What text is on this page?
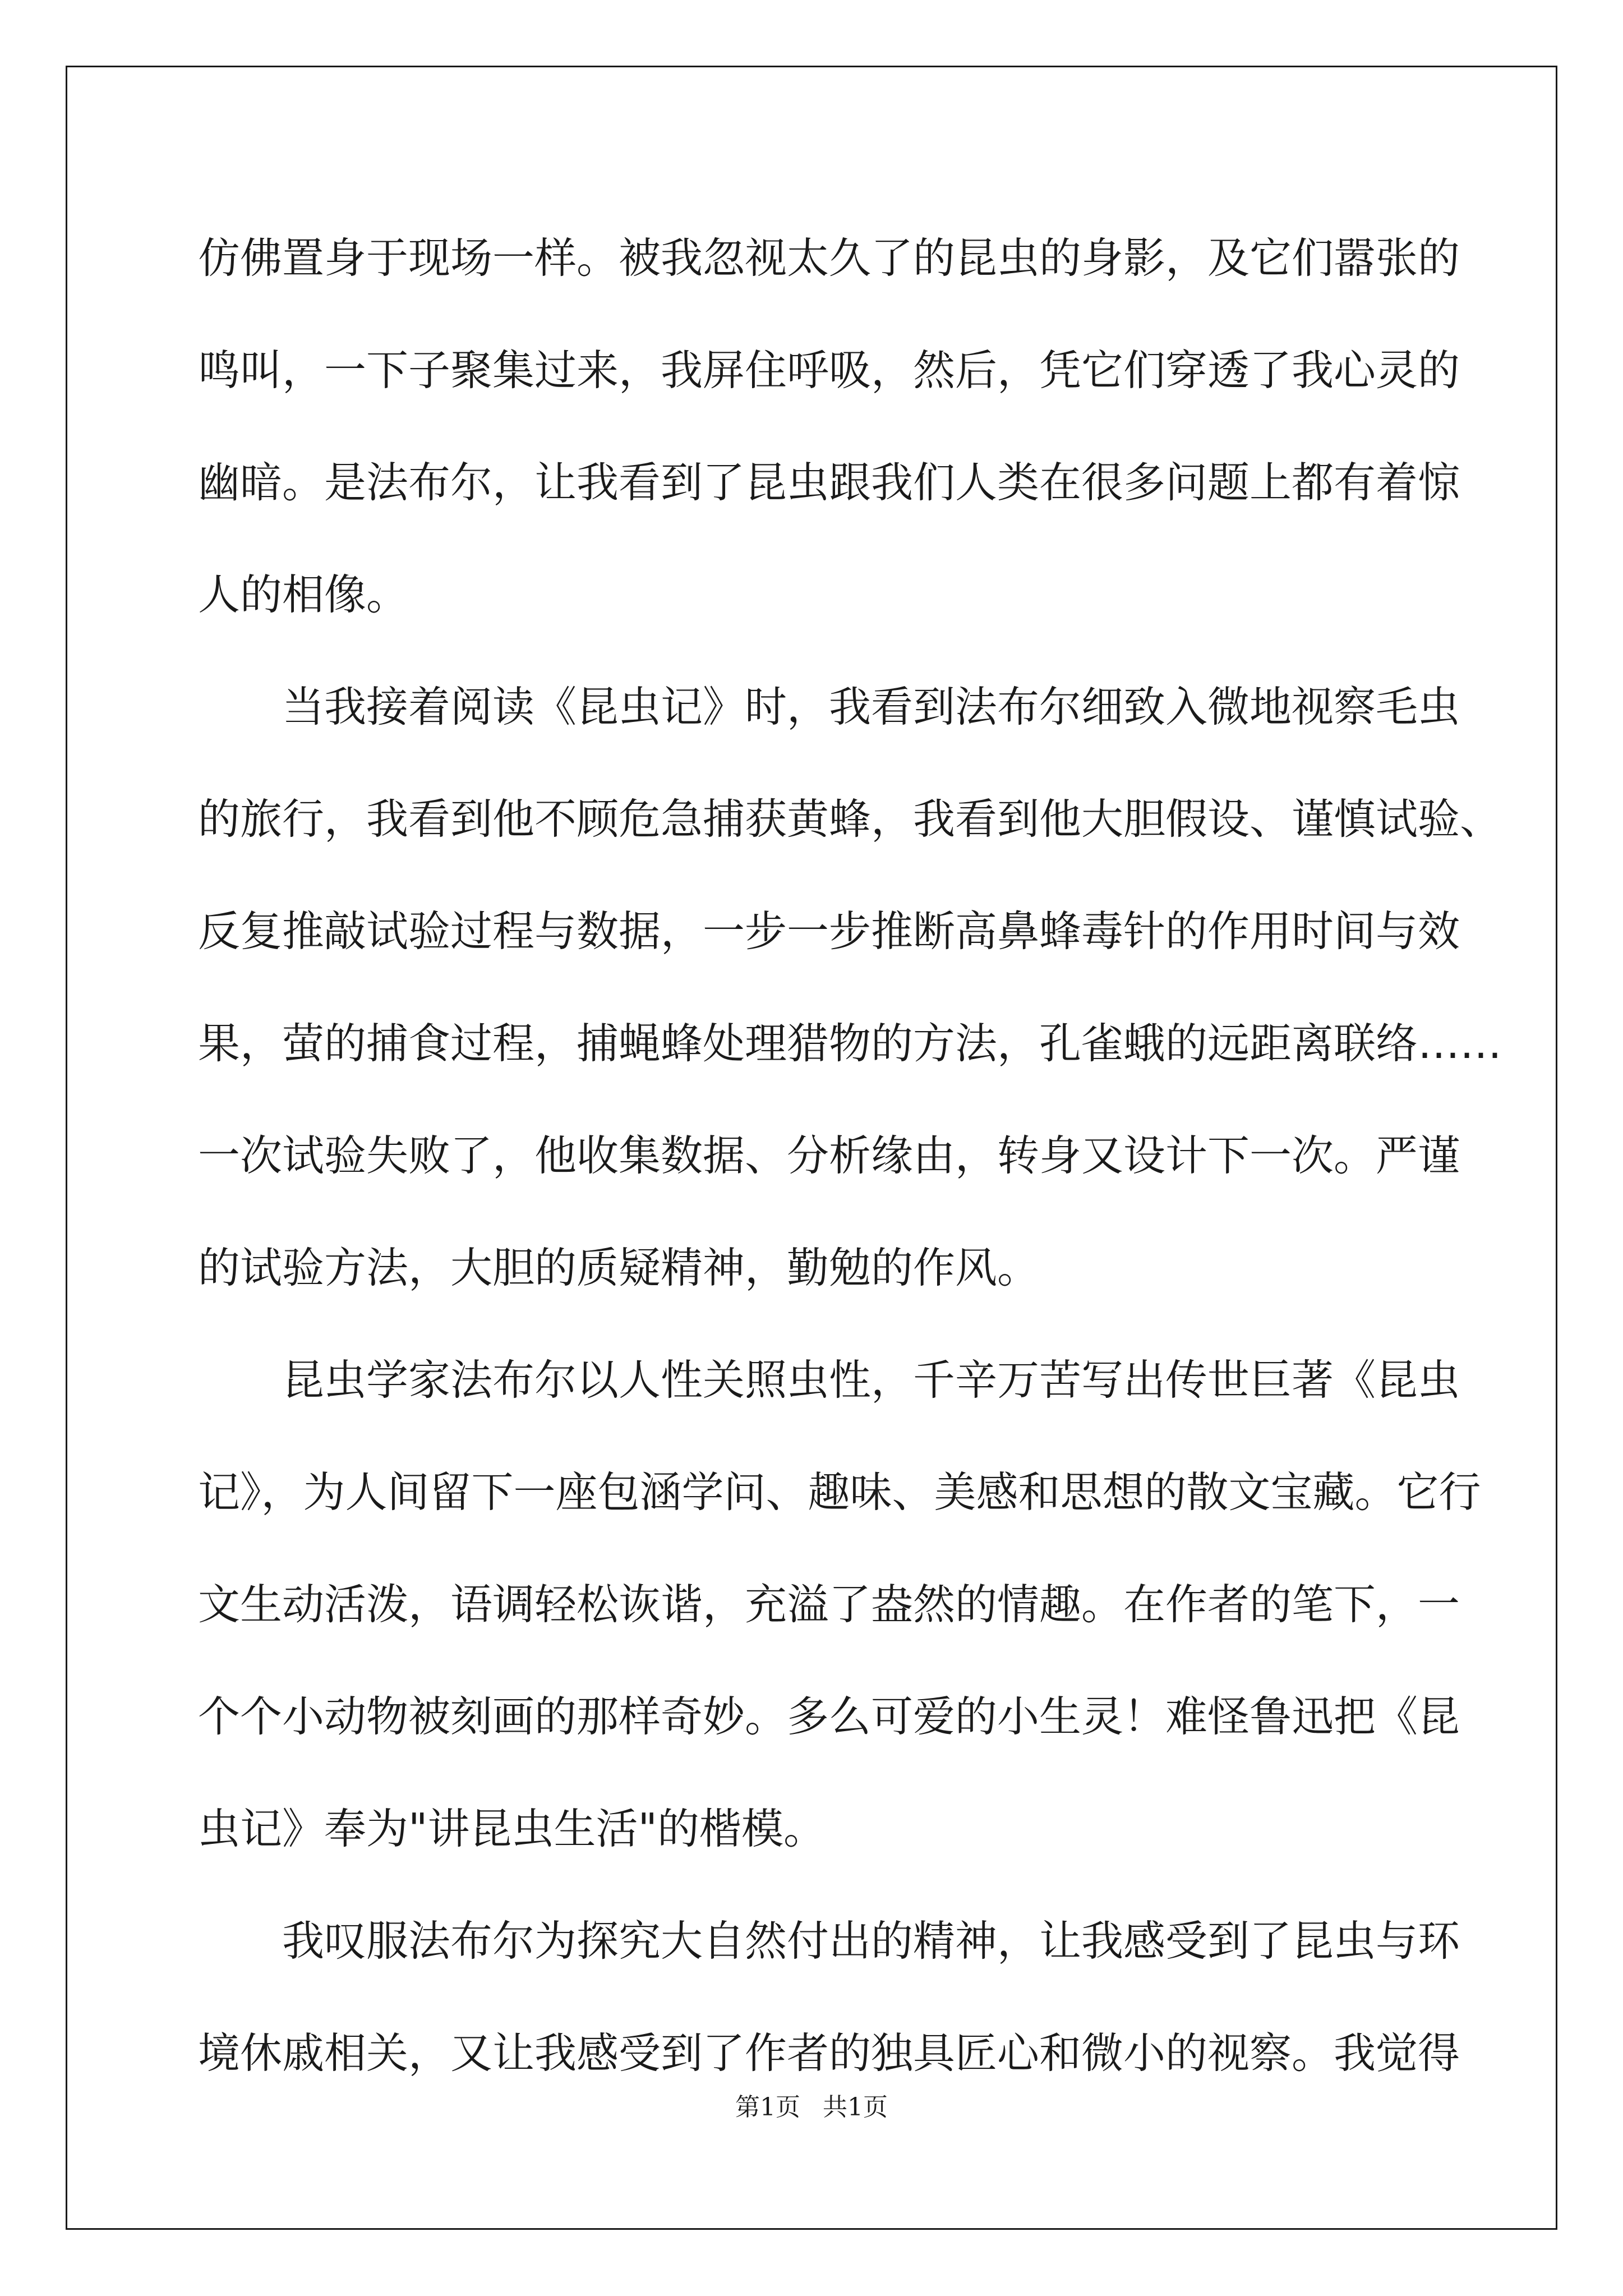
仿佛置身于现场一样。被我忽视太久了的昆虫的身影，及它们嚣张的
鸣叫，一下子聚集过来，我屏住呼吸，然后，凭它们穿透了我心灵的
幽暗。是法布尔，让我看到了昆虫跟我们人类在很多问题上都有着惊
人的相像。
当我接着阅读《昆虫记》时，我看到法布尔细致入微地视察毛虫
的旅行，我看到他不顾危急捕获黄蜂，我看到他大胆假设、谨慎试验、
反复推敲试验过程与数据，一步一步推断高鼻蜂毒针的作用时间与效
果，萤的捕食过程，捕蝇蜂处理猎物的方法，孔雀蛾的远距离联络……
一次试验失败了，他收集数据、分析缘由，转身又设计下一次。严谨
的试验方法，大胆的质疑精神，勤勉的作风。
昆虫学家法布尔以人性关照虫性，千辛万苦写出传世巨著《昆虫
记》，为人间留下一座包涵学问、趣味、美感和思想的散文宝藏。它行
文生动活泼，语调轻松诙谐，充溢了盎然的情趣。在作者的笔下，一
个个小动物被刻画的那样奇妙。多么可爱的小生灵！难怪鲁迅把《昆
虫记》奉为"讲昆虫生活"的楷模。
我叹服法布尔为探究大自然付出的精神，让我感受到了昆虫与环
境休戚相关，又让我感受到了作者的独具匠心和微小的视察。我觉得
第1页 共1页
